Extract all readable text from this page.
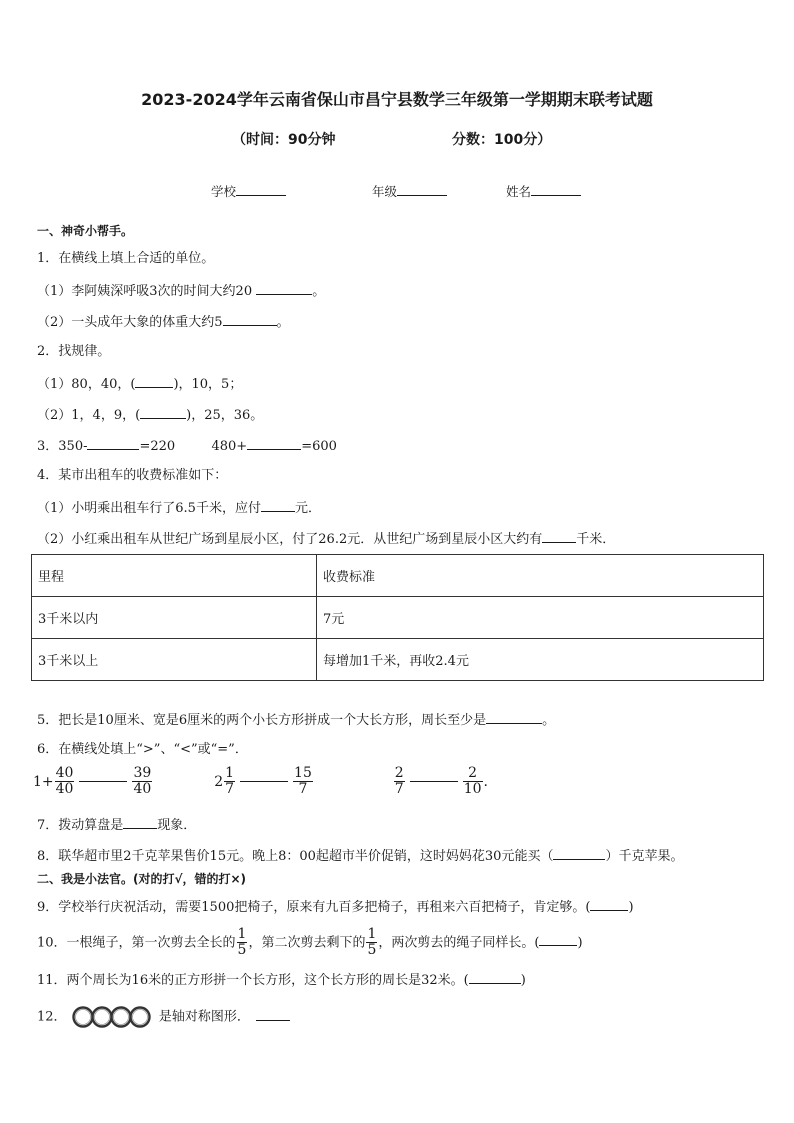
2023-2024学年云南省保山市昌宁县数学三年级第一学期期末联考试题
（时间：90分钟	分数：100分）
学校	年级	姓名
一、神奇小帮手。
1．在横线上填上合适的单位。
（1）李阿姨深呼吸3次的时间大约20	。
（2）一头成年大象的体重大约5	。
2．找规律。
（1）80，40，(	)，10，5；
（2）1，4，9，(	)，25，36。
3．350-	=220	480+	=600
4．某市出租车的收费标准如下：
（1）小明乘出租车行了6.5千米，应付	元．
（2）小红乘出租车从世纪广场到星辰小区，付了26.2元．从世纪广场到星辰小区大约有	千米．
里程	收费标准
3千米以内	7元
3千米以上	每增加1千米，再收2.4元
5．把长是10厘米、宽是6厘米的两个小长方形拼成一个大长方形，周长至少是	。
6．在横线处填上“>”、“<”或“=”．
$1+ \frac{40}{40}$	$\frac{39}{40}$	$2 \frac{1}{7}$	$\frac{15}{7}$
	$\frac{2}{7}$	$\frac{2}{10}$ .
7．拨动算盘是	现象．
8．联华超市里2千克苹果售价15元。晚上8：00起超市半价促销，这时妈妈花30元能买（	）千克苹果。
二、我是小法官。(对的打√，错的打×)
9．学校举行庆祝活动，需要1500把椅子，原来有九百多把椅子，再租来六百把椅子，肯定够。(	)
10．一根绳子，第一次剪去全长的 $\frac{1}{5}$ ，第二次剪去剩下的 $\frac{1}{5}$ ，两次剪去的绳子同样长。(	)
11．两个周长为16米的正方形拼一个长方形，这个长方形的周长是32米。(	)
12．	是轴对称图形．
